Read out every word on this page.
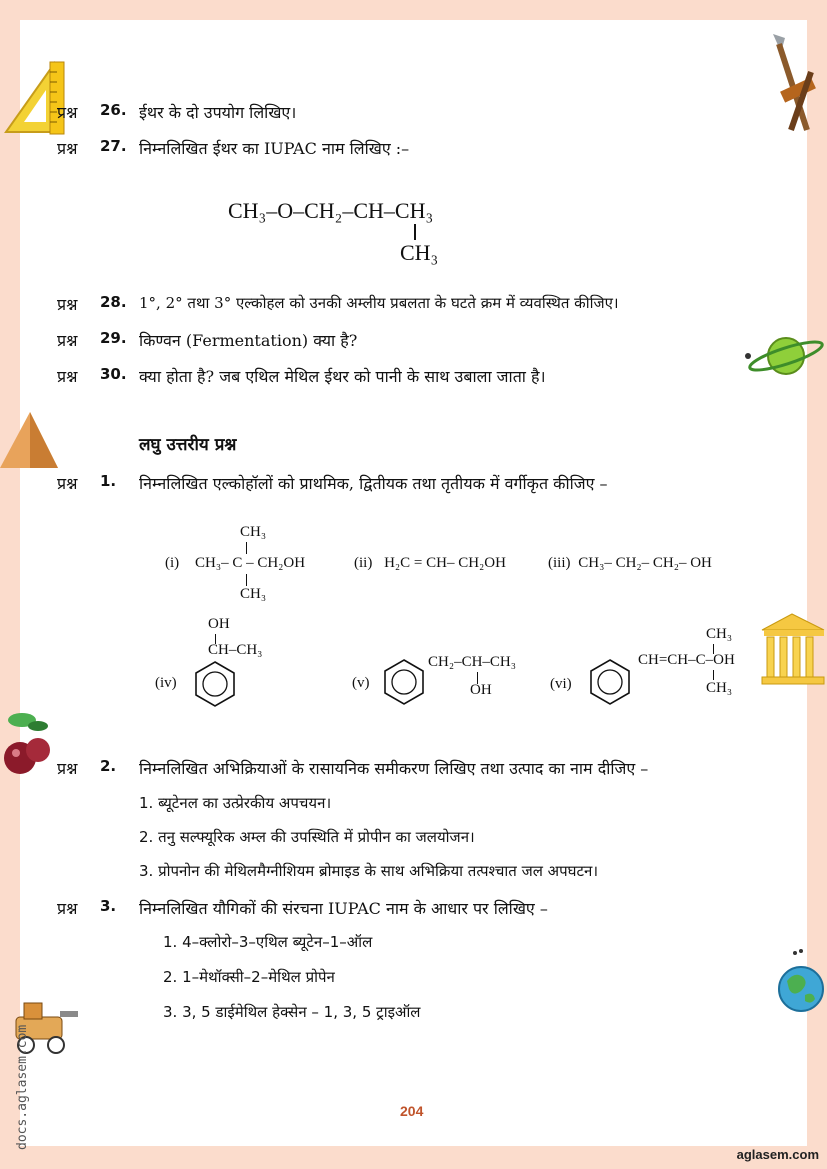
docs.aglasem.com
प्रश्न 26. ईथर के दो उपयोग लिखिए।
प्रश्न 27. निम्नलिखित ईथर का IUPAC नाम लिखिए :–
CH₃–O–CH₂–CH–CH₃
CH₃
प्रश्न 28. 1°, 2° तथा 3° एल्कोहल को उनकी अम्लीय प्रबलता के घटते क्रम में व्यवस्थित कीजिए।
प्रश्न 29. किण्वन (Fermentation) क्या है?
प्रश्न 30. क्या होता है? जब एथिल मेथिल ईथर को पानी के साथ उबाला जाता है।
लघु उत्तरीय प्रश्न
प्रश्न 1. निम्नलिखित एल्कोहॉलों को प्राथमिक, द्वितीयक तथा तृतीयक में वर्गीकृत कीजिए –
(i)
CH₃
CH₃– C – CH₂OH
CH₃
(ii) H₂C = CH– CH₂OH	(iii) CH₃– CH₂– CH₂– OH
(iv)
OH
CH–CH₃
(v)
CH₂–CH–CH₃
OH	(vi)
CH₃
CH=CH–C–OH
CH₃
प्रश्न 2. निम्नलिखित अभिक्रियाओं के रासायनिक समीकरण लिखिए तथा उत्पाद का नाम दीजिए –
1. ब्यूटेनल का उत्प्रेरकीय अपचयन।
2. तनु सल्फ्यूरिक अम्ल की उपस्थिति में प्रोपीन का जलयोजन।
3. प्रोपनोन की मेथिलमैग्नीशियम ब्रोमाइड के साथ अभिक्रिया तत्पश्चात जल अपघटन।
प्रश्न 3. निम्नलिखित यौगिकों की संरचना IUPAC नाम के आधार पर लिखिए –
1. 4–क्लोरो–3–एथिल ब्यूटेन–1–ऑल
2. 1–मेथॉक्सी–2–मेथिल प्रोपेन
3. 3, 5 डाईमेथिल हेक्सेन – 1, 3, 5 ट्राइऑल
204
aglasem.com
